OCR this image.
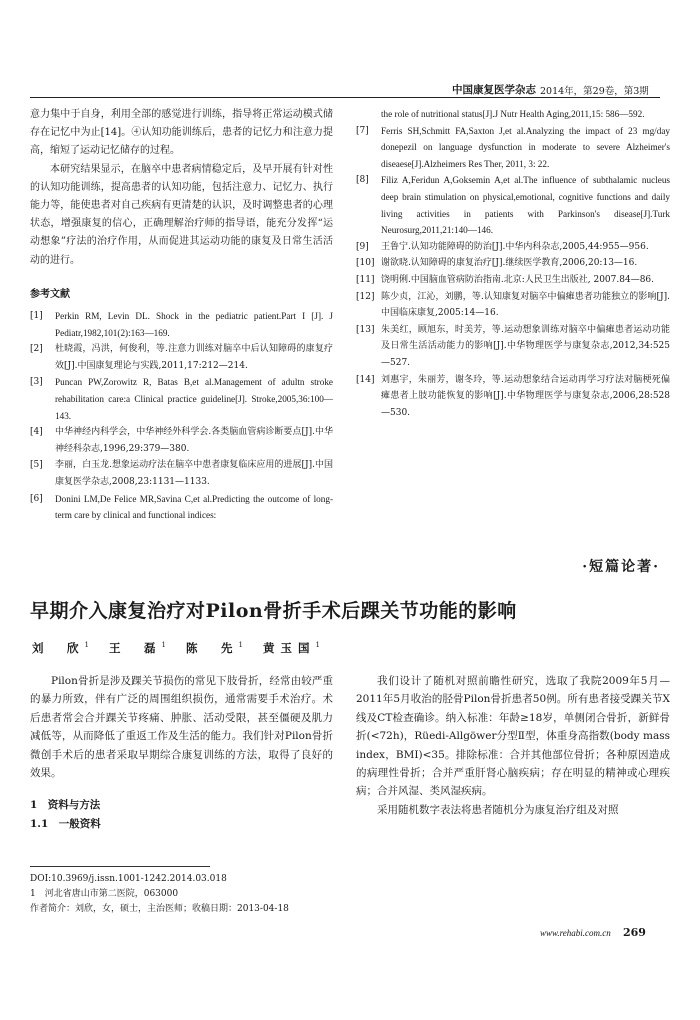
中国康复医学杂志 2014年，第29卷，第3期

意力集中于自身，利用全部的感觉进行训练，指导将正常运动模式储存在记忆中为止[14]。④认知功能训练后，患者的记忆力和注意力提高，缩短了运动记忆储存的过程。

本研究结果显示，在脑卒中患者病情稳定后，及早开展有针对性的认知功能训练，提高患者的认知功能，包括注意力、记忆力、执行能力等，能使患者对自己疾病有更清楚的认识，及时调整患者的心理状态，增强康复的信心，正确理解治疗师的指导语，能充分发挥“运动想象”疗法的治疗作用，从而促进其运动功能的康复及日常生活活动的进行。

参考文献
[1]	Perkin RM, Levin DL. Shock in the pediatric patient.Part I [J]. J Pediatr,1982,101(2):163—169.
[2]	杜晓霞，冯洪，何俊利，等.注意力训练对脑卒中后认知障碍的康复疗效[J].中国康复理论与实践,2011,17:212—214.
[3]	Puncan PW,Zorowitz R, Batas B,et al.Management of adultn stroke rehabilitation care:a Clinical practice guideline[J]. Stroke,2005,36:100—143.
[4]	中华神经内科学会，中华神经外科学会.各类脑血管病诊断要点[J].中华神经科杂志,1996,29:379—380.
[5]	李丽，白玉龙.想象运动疗法在脑卒中患者康复临床应用的进展[J].中国康复医学杂志,2008,23:1131—1133.
[6]	Donini LM,De Felice MR,Savina C,et al.Predicting the outcome of long-term care by clinical and functional indices:
the role of nutritional status[J].J Nutr Health Aging,2011,15: 586—592.
[7]	Ferris SH,Schmitt FA,Saxton J,et al.Analyzing the impact of 23 mg/day donepezil on language dysfunction in moderate to severe Alzheimer's diseaese[J].Alzheimers Res Ther, 2011, 3: 22.
[8]	Filiz A,Feridun A,Goksemin A,et al.The influence of subthalamic nucleus deep brain stimulation on physical,emotional, cognitive functions and daily living activities in patients with Parkinson's disease[J].Turk Neurosurg,2011,21:140—146.
[9]	王鲁宁.认知功能障碍的防治[J].中华内科杂志,2005,44:955—956.
[10] 谢欲晓.认知障碍的康复治疗[J].继续医学教育,2006,20:13—16.
[11] 饶明俐.中国脑血管病防治指南.北京:人民卫生出版社, 2007.84—86.
[12] 陈少贞，江沁，刘鹏，等.认知康复对脑卒中偏瘫患者功能独立的影响[J].中国临床康复,2005:14—16.
[13] 朱美红，顾旭东，时美芳，等.运动想象训练对脑卒中偏瘫患者运动功能及日常生活活动能力的影响[J].中华物理医学与康复杂志,2012,34:525—527.
[14] 刘惠宇，朱丽芳，谢冬玲，等.运动想象结合运动再学习疗法对脑梗死偏瘫患者上肢功能恢复的影响[J].中华物理医学与康复杂志,2006,28:528—530.
·短篇论著·
早期介入康复治疗对Pilon骨折手术后踝关节功能的影响
刘　欣$^1$ 王　磊$^1$ 陈　先$^1$ 黄玉国$^1$

Pilon骨折是涉及踝关节损伤的常见下肢骨折，经常由较严重的暴力所致，伴有广泛的周围组织损伤，通常需要手术治疗。术后患者常会合并踝关节疼痛、肿胀、活动受限，甚至僵硬及肌力减低等，从而降低了重返工作及生活的能力。我们针对Pilon骨折微创手术后的患者采取早期综合康复训练的方法，取得了良好的效果。

1　资料与方法
1.1　一般资料

我们设计了随机对照前瞻性研究，选取了我院2009年5月—2011年5月收治的胫骨Pilon骨折患者50例。所有患者接受踝关节X线及CT检查确诊。纳入标准：年龄≥18岁，单侧闭合骨折，新鲜骨折(<72h)，Rüedi-Allgöwer分型Ⅱ型，体重身高指数(body mass index，BMI)<35。排除标准：合并其他部位骨折；各种原因造成的病理性骨折；合并严重肝肾心脑疾病；存在明显的精神或心理疾病；合并风湿、类风湿疾病。

采用随机数字表法将患者随机分为康复治疗组及对照

DOI:10.3969/j.issn.1001-1242.2014.03.018
1　河北省唐山市第二医院，063000
作者简介：刘欣，女，硕士，主治医师；收稿日期：2013-04-18
www.rehabi.com.cn 269
